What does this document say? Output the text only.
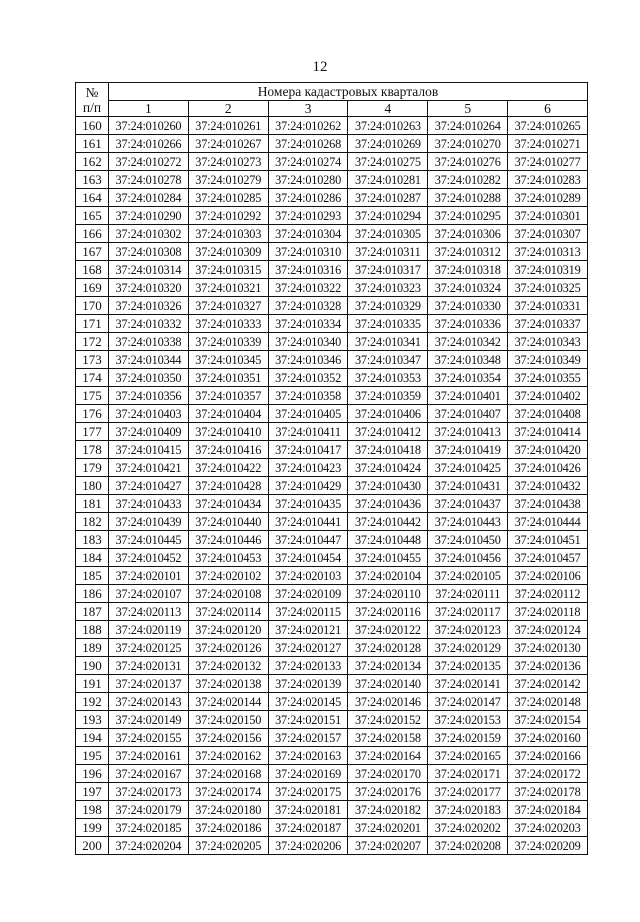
12
№
п/п	Номера кадастровых кварталов					
	1	2	3	4	5	6
160	37:24:010260	37:24:010261	37:24:010262	37:24:010263	37:24:010264	37:24:010265
161	37:24:010266	37:24:010267	37:24:010268	37:24:010269	37:24:010270	37:24:010271
162	37:24:010272	37:24:010273	37:24:010274	37:24:010275	37:24:010276	37:24:010277
163	37:24:010278	37:24:010279	37:24:010280	37:24:010281	37:24:010282	37:24:010283
164	37:24:010284	37:24:010285	37:24:010286	37:24:010287	37:24:010288	37:24:010289
165	37:24:010290	37:24:010292	37:24:010293	37:24:010294	37:24:010295	37:24:010301
166	37:24:010302	37:24:010303	37:24:010304	37:24:010305	37:24:010306	37:24:010307
167	37:24:010308	37:24:010309	37:24:010310	37:24:010311	37:24:010312	37:24:010313
168	37:24:010314	37:24:010315	37:24:010316	37:24:010317	37:24:010318	37:24:010319
169	37:24:010320	37:24:010321	37:24:010322	37:24:010323	37:24:010324	37:24:010325
170	37:24:010326	37:24:010327	37:24:010328	37:24:010329	37:24:010330	37:24:010331
171	37:24:010332	37:24:010333	37:24:010334	37:24:010335	37:24:010336	37:24:010337
172	37:24:010338	37:24:010339	37:24:010340	37:24:010341	37:24:010342	37:24:010343
173	37:24:010344	37:24:010345	37:24:010346	37:24:010347	37:24:010348	37:24:010349
174	37:24:010350	37:24:010351	37:24:010352	37:24:010353	37:24:010354	37:24:010355
175	37:24:010356	37:24:010357	37:24:010358	37:24:010359	37:24:010401	37:24:010402
176	37:24:010403	37:24:010404	37:24:010405	37:24:010406	37:24:010407	37:24:010408
177	37:24:010409	37:24:010410	37:24:010411	37:24:010412	37:24:010413	37:24:010414
178	37:24:010415	37:24:010416	37:24:010417	37:24:010418	37:24:010419	37:24:010420
179	37:24:010421	37:24:010422	37:24:010423	37:24:010424	37:24:010425	37:24:010426
180	37:24:010427	37:24:010428	37:24:010429	37:24:010430	37:24:010431	37:24:010432
181	37:24:010433	37:24:010434	37:24:010435	37:24:010436	37:24:010437	37:24:010438
182	37:24:010439	37:24:010440	37:24:010441	37:24:010442	37:24:010443	37:24:010444
183	37:24:010445	37:24:010446	37:24:010447	37:24:010448	37:24:010450	37:24:010451
184	37:24:010452	37:24:010453	37:24:010454	37:24:010455	37:24:010456	37:24:010457
185	37:24:020101	37:24:020102	37:24:020103	37:24:020104	37:24:020105	37:24:020106
186	37:24:020107	37:24:020108	37:24:020109	37:24:020110	37:24:020111	37:24:020112
187	37:24:020113	37:24:020114	37:24:020115	37:24:020116	37:24:020117	37:24:020118
188	37:24:020119	37:24:020120	37:24:020121	37:24:020122	37:24:020123	37:24:020124
189	37:24:020125	37:24:020126	37:24:020127	37:24:020128	37:24:020129	37:24:020130
190	37:24:020131	37:24:020132	37:24:020133	37:24:020134	37:24:020135	37:24:020136
191	37:24:020137	37:24:020138	37:24:020139	37:24:020140	37:24:020141	37:24:020142
192	37:24:020143	37:24:020144	37:24:020145	37:24:020146	37:24:020147	37:24:020148
193	37:24:020149	37:24:020150	37:24:020151	37:24:020152	37:24:020153	37:24:020154
194	37:24:020155	37:24:020156	37:24:020157	37:24:020158	37:24:020159	37:24:020160
195	37:24:020161	37:24:020162	37:24:020163	37:24:020164	37:24:020165	37:24:020166
196	37:24:020167	37:24:020168	37:24:020169	37:24:020170	37:24:020171	37:24:020172
197	37:24:020173	37:24:020174	37:24:020175	37:24:020176	37:24:020177	37:24:020178
198	37:24:020179	37:24:020180	37:24:020181	37:24:020182	37:24:020183	37:24:020184
199	37:24:020185	37:24:020186	37:24:020187	37:24:020201	37:24:020202	37:24:020203
200	37:24:020204	37:24:020205	37:24:020206	37:24:020207	37:24:020208	37:24:020209
